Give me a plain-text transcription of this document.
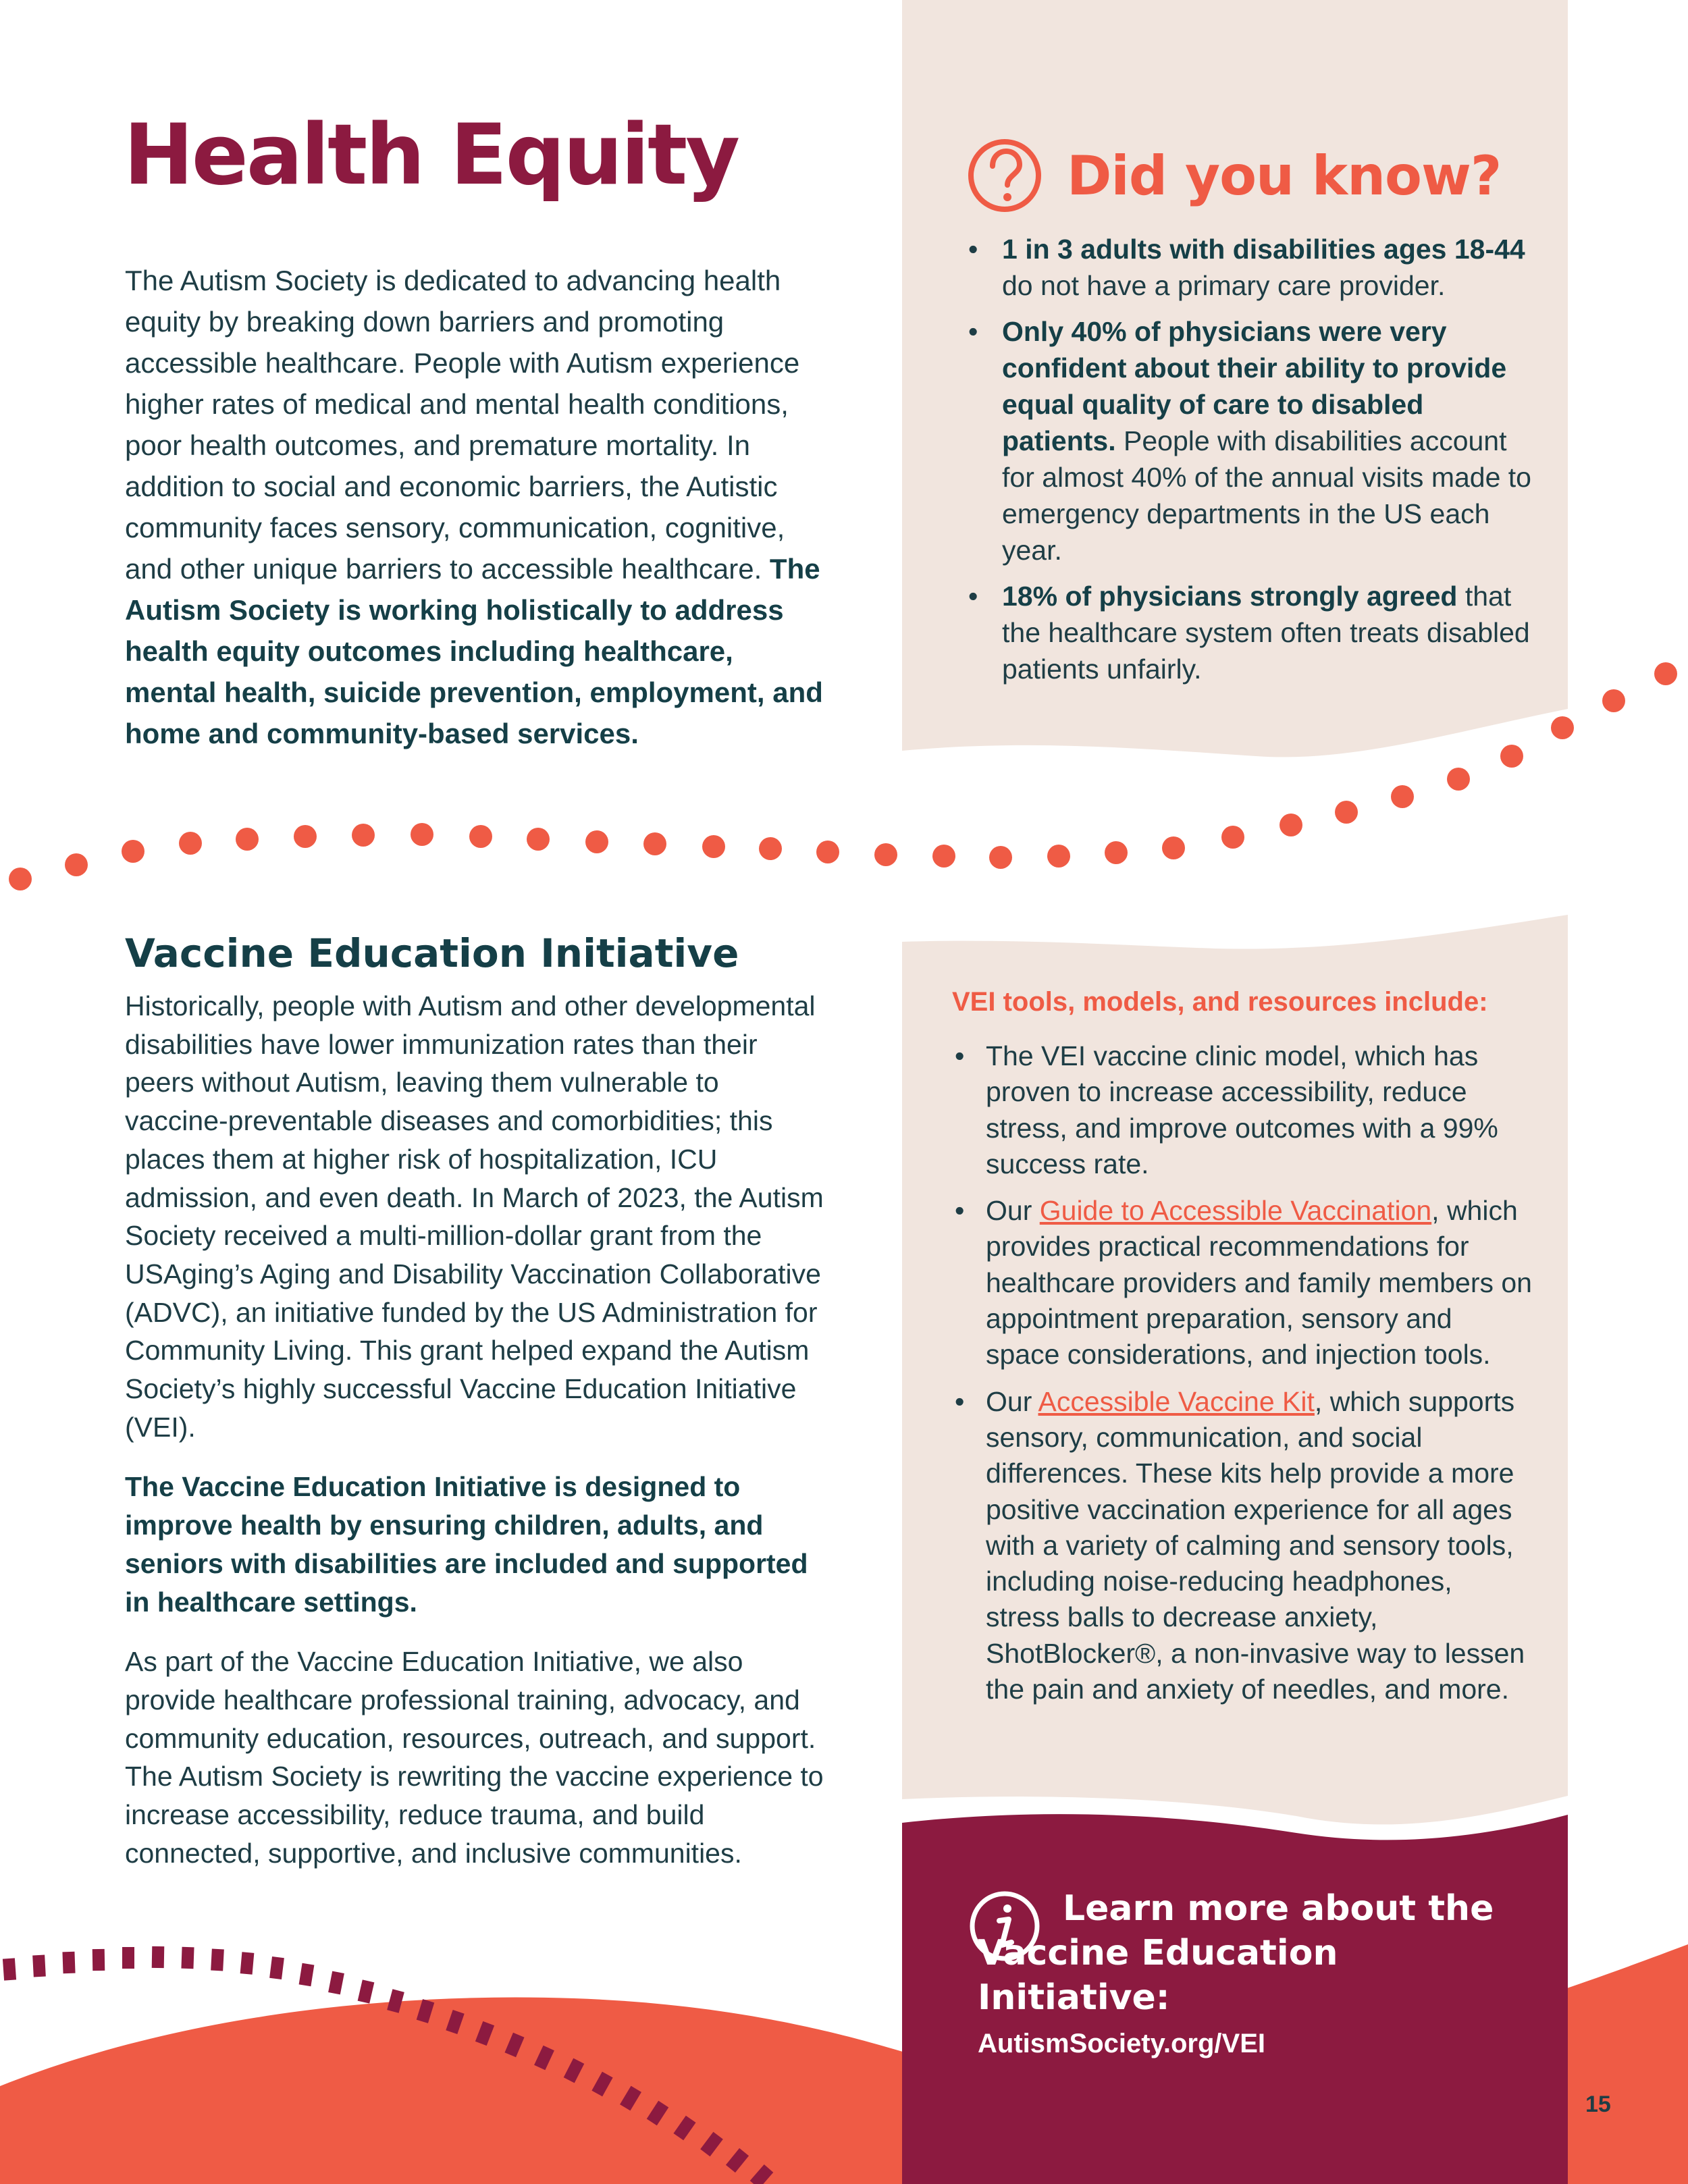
Health Equity

The Autism Society is dedicated to advancing health equity by breaking down barriers and promoting accessible healthcare. People with Autism experience higher rates of medical and mental health conditions, poor health outcomes, and premature mortality. In addition to social and economic barriers, the Autistic community faces sensory, communication, cognitive, and other unique barriers to accessible healthcare. The Autism Society is working holistically to address health equity outcomes including healthcare, mental health, suicide prevention, employment, and home and community-based services.

Did you know?
• 1 in 3 adults with disabilities ages 18-44 do not have a primary care provider.
• Only 40% of physicians were very confident about their ability to provide equal quality of care to disabled patients. People with disabilities account for almost 40% of the annual visits made to emergency departments in the US each year.
• 18% of physicians strongly agreed that the healthcare system often treats disabled patients unfairly.
Vaccine Education Initiative

Historically, people with Autism and other developmental disabilities have lower immunization rates than their peers without Autism, leaving them vulnerable to vaccine-preventable diseases and comorbidities; this places them at higher risk of hospitalization, ICU admission, and even death. In March of 2023, the Autism Society received a multi-million-dollar grant from the USAging’s Aging and Disability Vaccination Collaborative (ADVC), an initiative funded by the US Administration for Community Living. This grant helped expand the Autism Society’s highly successful Vaccine Education Initiative (VEI).

The Vaccine Education Initiative is designed to improve health by ensuring children, adults, and seniors with disabilities are included and supported in healthcare settings.

As part of the Vaccine Education Initiative, we also provide healthcare professional training, advocacy, and community education, resources, outreach, and support. The Autism Society is rewriting the vaccine experience to increase accessibility, reduce trauma, and build connected, supportive, and inclusive communities.

VEI tools, models, and resources include:

• The VEI vaccine clinic model, which has proven to increase accessibility, reduce stress, and improve outcomes with a 99% success rate.
• Our Guide to Accessible Vaccination, which provides practical recommendations for healthcare providers and family members on appointment preparation, sensory and space considerations, and injection tools.
• Our Accessible Vaccine Kit, which supports sensory, communication, and social differences. These kits help provide a more positive vaccination experience for all ages with a variety of calming and sensory tools, including noise-reducing headphones, stress balls to decrease anxiety, ShotBlocker®, a non-invasive way to lessen the pain and anxiety of needles, and more.

Learn more about the Vaccine Education Initiative:

AutismSociety.org/VEI
15
